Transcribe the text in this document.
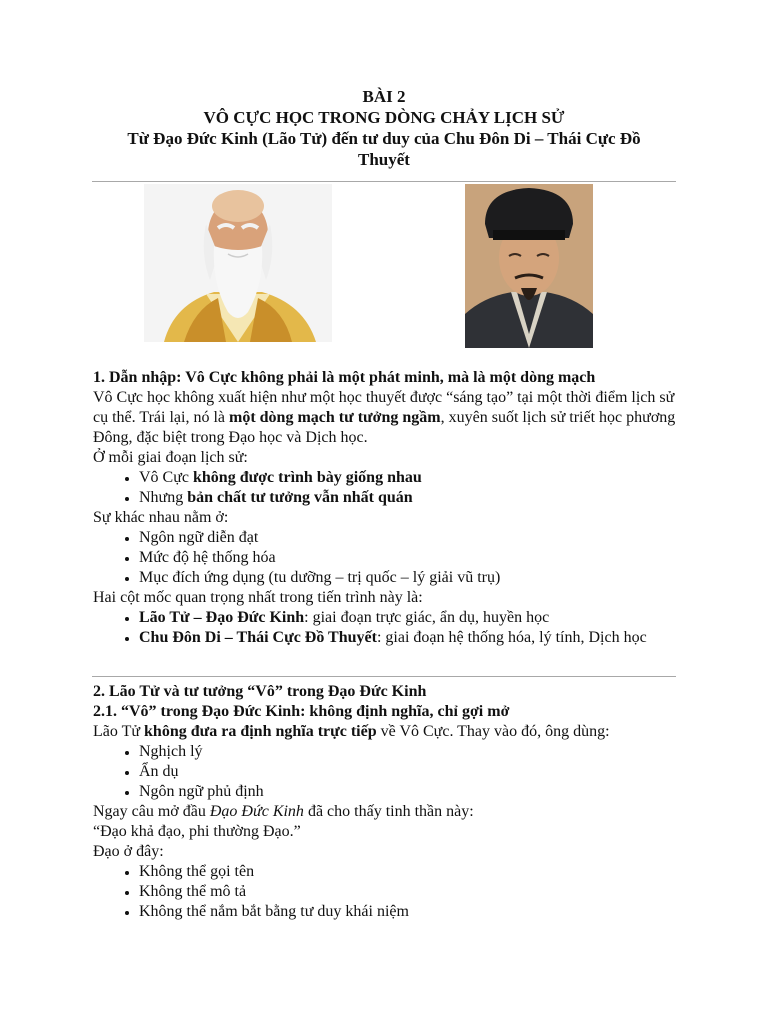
BÀI 2
VÔ CỰC HỌC TRONG DÒNG CHẢY LỊCH SỬ
Từ Đạo Đức Kinh (Lão Tử) đến tư duy của Chu Đôn Di – Thái Cực Đồ
Thuyết

1. Dẫn nhập: Vô Cực không phải là một phát minh, mà là một dòng mạch

Vô Cực học không xuất hiện như một học thuyết được “sáng tạo” tại một thời điểm lịch sử cụ thể. Trái lại, nó là một dòng mạch tư tưởng ngầm, xuyên suốt lịch sử triết học phương Đông, đặc biệt trong Đạo học và Dịch học.

Ở mỗi giai đoạn lịch sử:

• Vô Cực không được trình bày giống nhau
• Nhưng bản chất tư tưởng vẫn nhất quán

Sự khác nhau nằm ở:

• Ngôn ngữ diễn đạt
• Mức độ hệ thống hóa
• Mục đích ứng dụng (tu dưỡng – trị quốc – lý giải vũ trụ)

Hai cột mốc quan trọng nhất trong tiến trình này là:

• Lão Tử – Đạo Đức Kinh: giai đoạn trực giác, ẩn dụ, huyền học
• Chu Đôn Di – Thái Cực Đồ Thuyết: giai đoạn hệ thống hóa, lý tính, Dịch học

2. Lão Tử và tư tưởng “Vô” trong Đạo Đức Kinh

2.1. “Vô” trong Đạo Đức Kinh: không định nghĩa, chỉ gợi mở

Lão Tử không đưa ra định nghĩa trực tiếp về Vô Cực. Thay vào đó, ông dùng:

• Nghịch lý
• Ẩn dụ
• Ngôn ngữ phủ định

Ngay câu mở đầu Đạo Đức Kinh đã cho thấy tinh thần này:

“Đạo khả đạo, phi thường Đạo.”

Đạo ở đây:

• Không thể gọi tên
• Không thể mô tả
• Không thể nắm bắt bằng tư duy khái niệm
